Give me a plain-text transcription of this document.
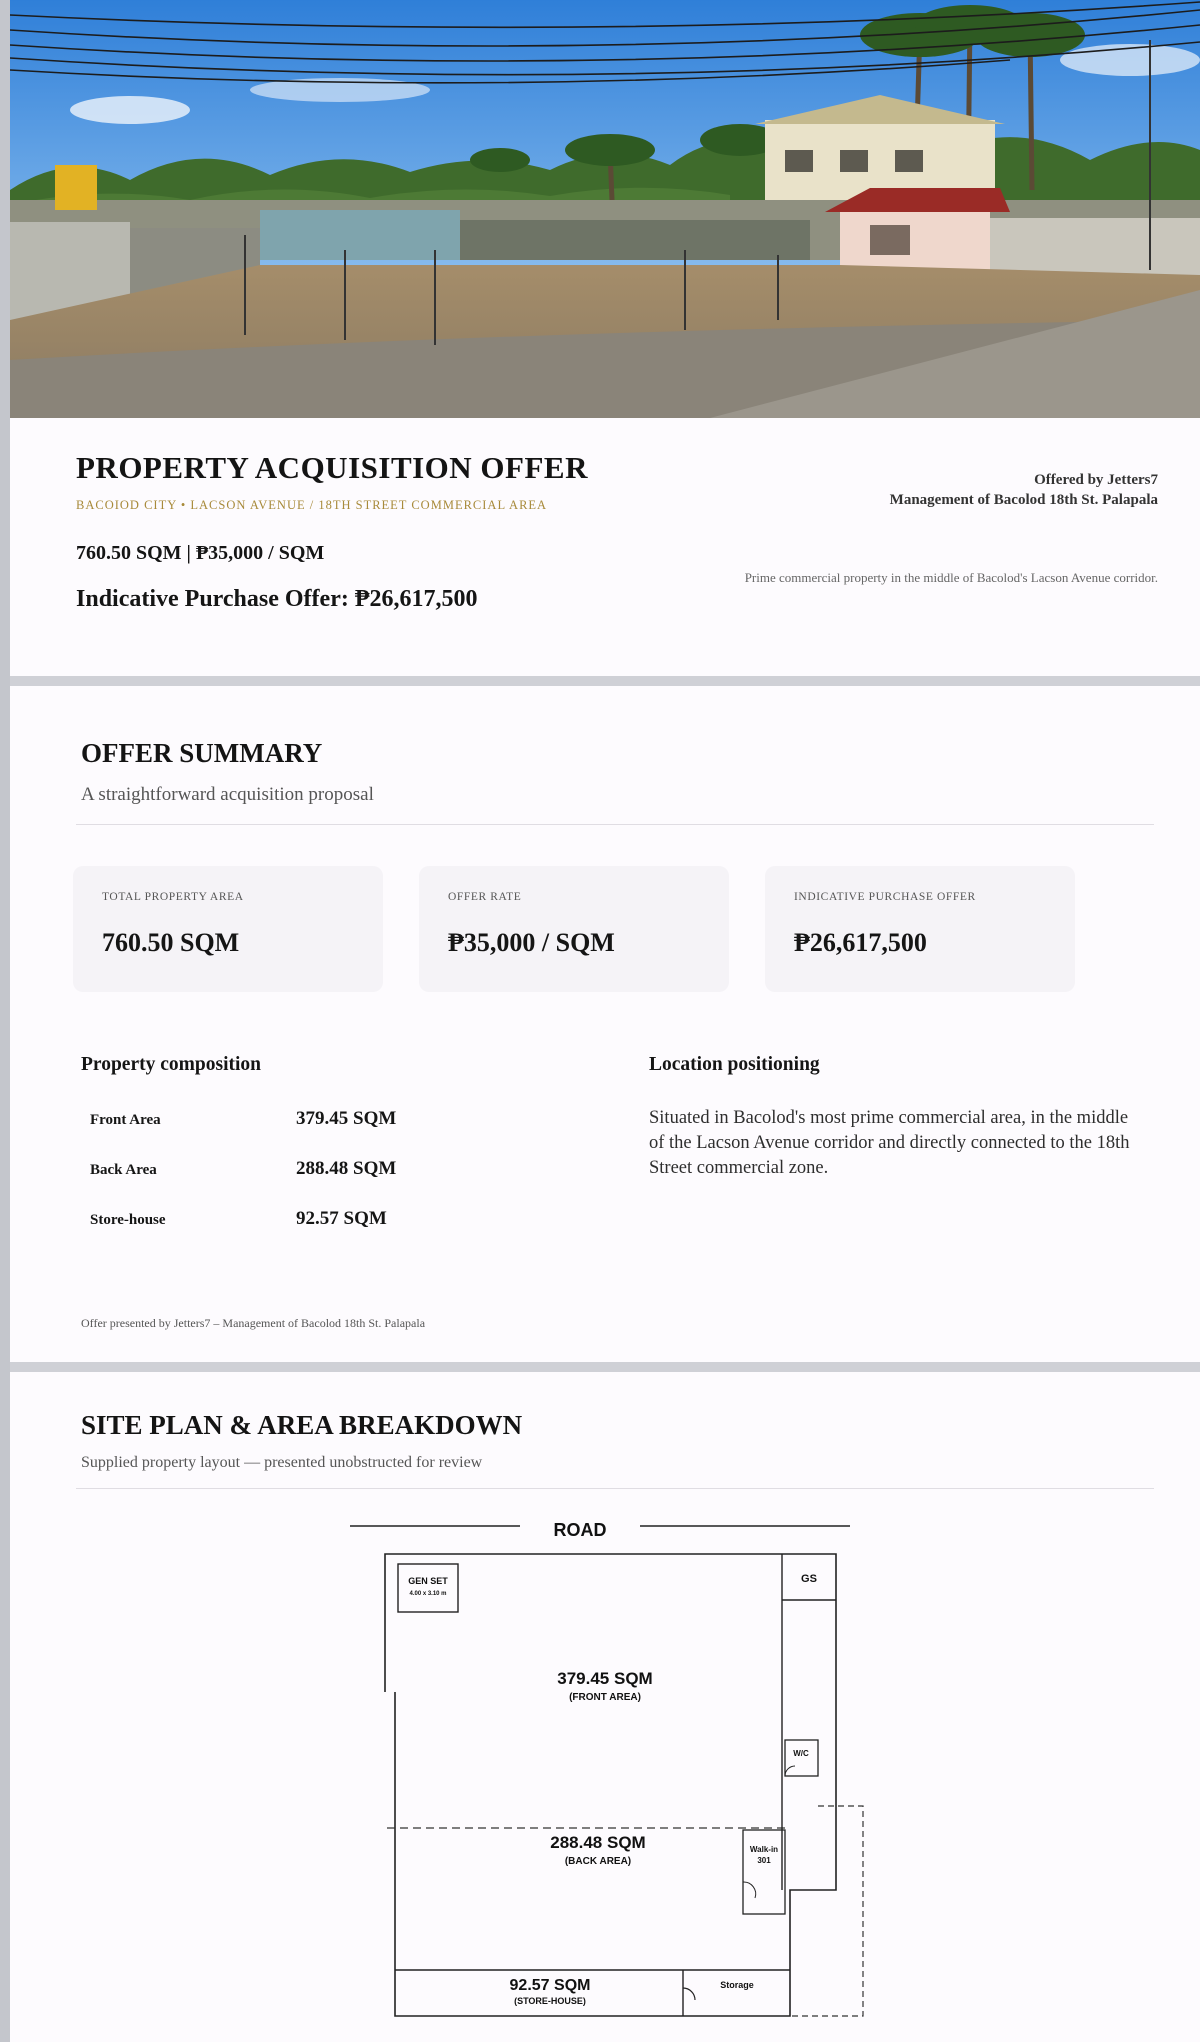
PROPERTY ACQUISITION OFFER
BACOIOD CITY • LACSON AVENUE / 18TH STREET COMMERCIAL AREA
760.50 SQM | ₱35,000 / SQM
Indicative Purchase Offer: ₱26,617,500
Offered by Jetters7
Management of Bacolod 18th St. Palapala
Prime commercial property in the middle of Bacolod's Lacson Avenue corridor.
OFFER SUMMARY
A straightforward acquisition proposal
TOTAL PROPERTY AREA
760.50 SQM
OFFER RATE
₱35,000 / SQM
INDICATIVE PURCHASE OFFER
₱26,617,500
Property composition
Front Area	379.45 SQM
Back Area	288.48 SQM
Store-house	92.57 SQM
Location positioning
Situated in Bacolod's most prime commercial area, in the middle of the Lacson Avenue corridor and directly connected to the 18th Street commercial zone.
Offer presented by Jetters7 – Management of Bacolod 18th St. Palapala
SITE PLAN & AREA BREAKDOWN
Supplied property layout — presented unobstructed for review
ROAD
GEN SET
4.00 x 3.10 m
GS
W/C
Walk-in
301
379.45 SQM
(FRONT AREA)
288.48 SQM
(BACK AREA)
92.57 SQM
(STORE-HOUSE)
Storage
